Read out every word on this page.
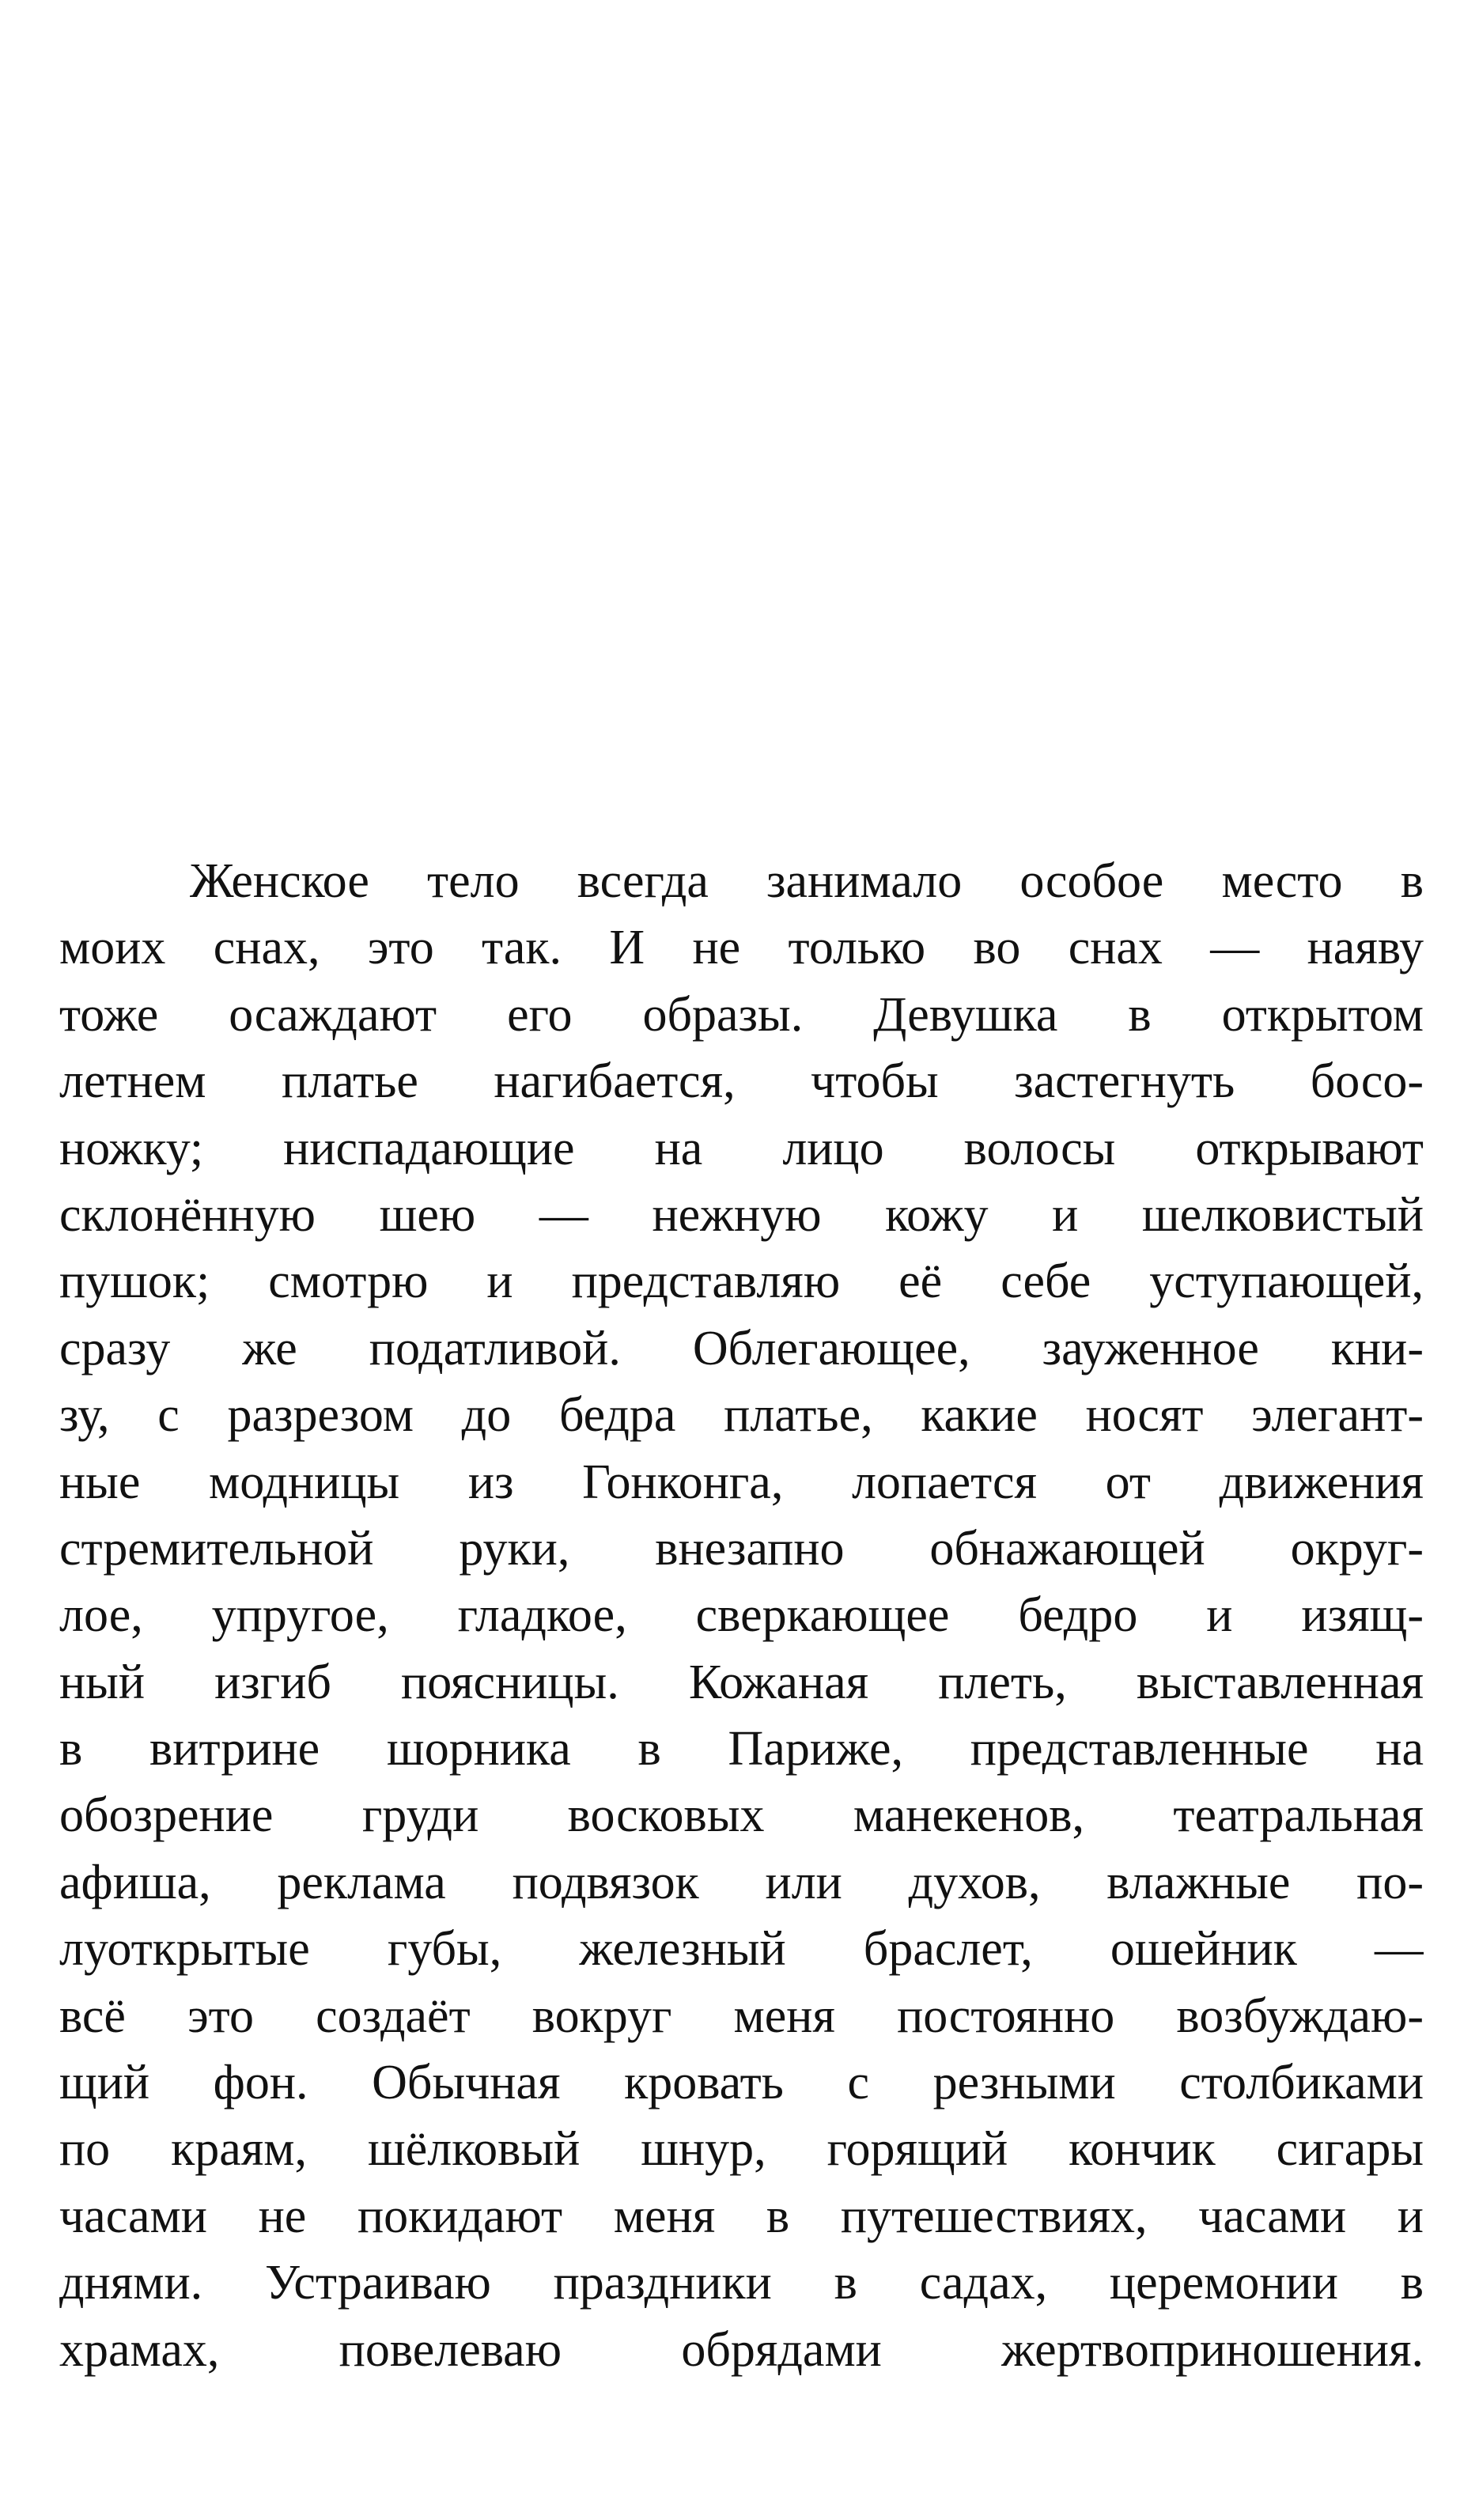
Женское тело всегда занимало особое место в
моих снах, это так. И не только во снах — наяву
тоже осаждают его образы. Девушка в открытом
летнем платье нагибается, чтобы застегнуть босо-
ножку; ниспадающие на лицо волосы открывают
склонённую шею — нежную кожу и шелковистый
пушок; смотрю и представляю её себе уступающей,
сразу же податливой. Облегающее, зауженное кни-
зу, с разрезом до бедра платье, какие носят элегант-
ные модницы из Гонконга, лопается от движения
стремительной руки, внезапно обнажающей округ-
лое, упругое, гладкое, сверкающее бедро и изящ-
ный изгиб поясницы. Кожаная плеть, выставленная
в витрине шорника в Париже, представленные на
обозрение груди восковых манекенов, театральная
афиша, реклама подвязок или духов, влажные по-
луоткрытые губы, железный браслет, ошейник —
всё это создаёт вокруг меня постоянно возбуждаю-
щий фон. Обычная кровать с резными столбиками
по краям, шёлковый шнур, горящий кончик сигары
часами не покидают меня в путешествиях, часами и
днями. Устраиваю праздники в садах, церемонии в
храмах, повелеваю обрядами жертвоприношения.
